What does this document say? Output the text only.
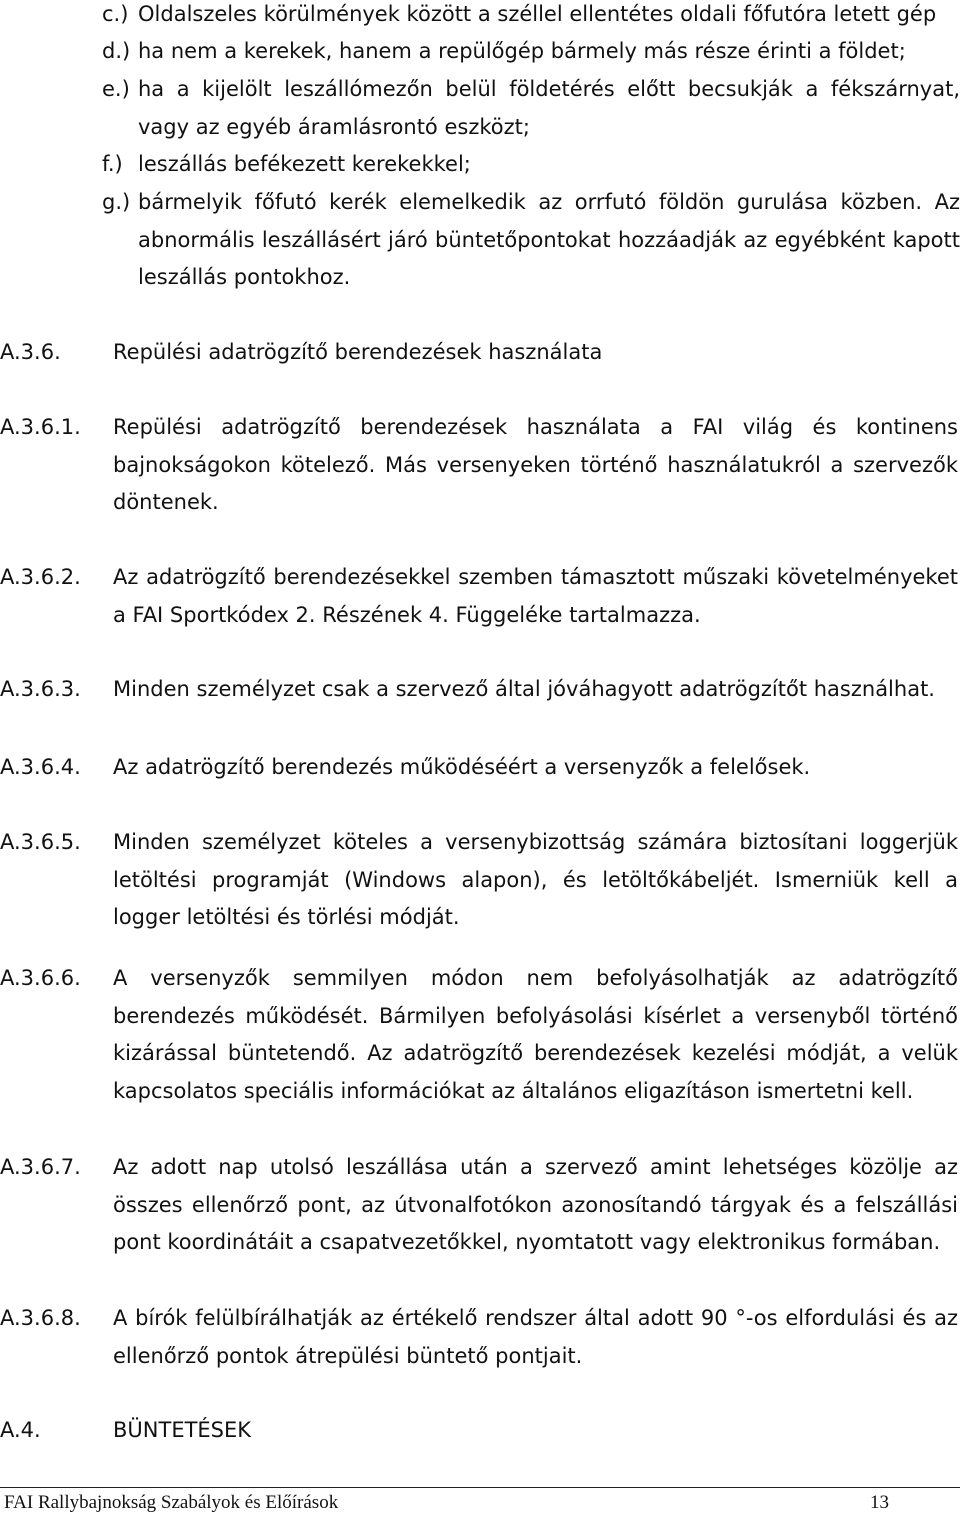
c.) Oldalszeles körülmények között a széllel ellentétes oldali főfutóra letett gép
d.) ha nem a kerekek, hanem a repülőgép bármely más része érinti a földet;
e.) ha a kijelölt leszállómezőn belül földetérés előtt becsukják a fékszárnyat, vagy az egyéb áramlásrontó eszközt;
f.) leszállás befékezett kerekekkel;
g.) bármelyik főfutó kerék elemelkedik az orrfutó földön gurulása közben. Az abnormális leszállásért járó büntetőpontokat hozzáadják az egyébként kapott leszállás pontokhoz.
A.3.6. Repülési adatrögzítő berendezések használata
A.3.6.1. Repülési adatrögzítő berendezések használata a FAI világ és kontinens bajnokságokon kötelező. Más versenyeken történő használatukról a szervezők döntenek.
A.3.6.2. Az adatrögzítő berendezésekkel szemben támasztott műszaki követelményeket a FAI Sportkódex 2. Részének 4. Függeléke tartalmazza.
A.3.6.3. Minden személyzet csak a szervező által jóváhagyott adatrögzítőt használhat.
A.3.6.4. Az adatrögzítő berendezés működéséért a versenyzők a felelősek.
A.3.6.5. Minden személyzet köteles a versenybizottság számára biztosítani loggerjük letöltési programját (Windows alapon), és letöltőkábeljét. Ismerniük kell a logger letöltési és törlési módját.
A.3.6.6. A versenyzők semmilyen módon nem befolyásolhatják az adatrögzítő berendezés működését. Bármilyen befolyásolási kísérlet a versenyből történő kizárással büntetendő. Az adatrögzítő berendezések kezelési módját, a velük kapcsolatos speciális információkat az általános eligazításon ismertetni kell.
A.3.6.7. Az adott nap utolsó leszállása után a szervező amint lehetséges közölje az összes ellenőrző pont, az útvonalfotókon azonosítandó tárgyak és a felszállási pont koordinátáit a csapatvezetőkkel, nyomtatott vagy elektronikus formában.
A.3.6.8. A bírók felülbírálhatják az értékelő rendszer által adott 90 °-os elfordulási és az ellenőrző pontok átrepülési büntető pontjait.
A.4.	BÜNTETÉSEK
FAI Rallybajnokság Szabályok és Előírások	13
